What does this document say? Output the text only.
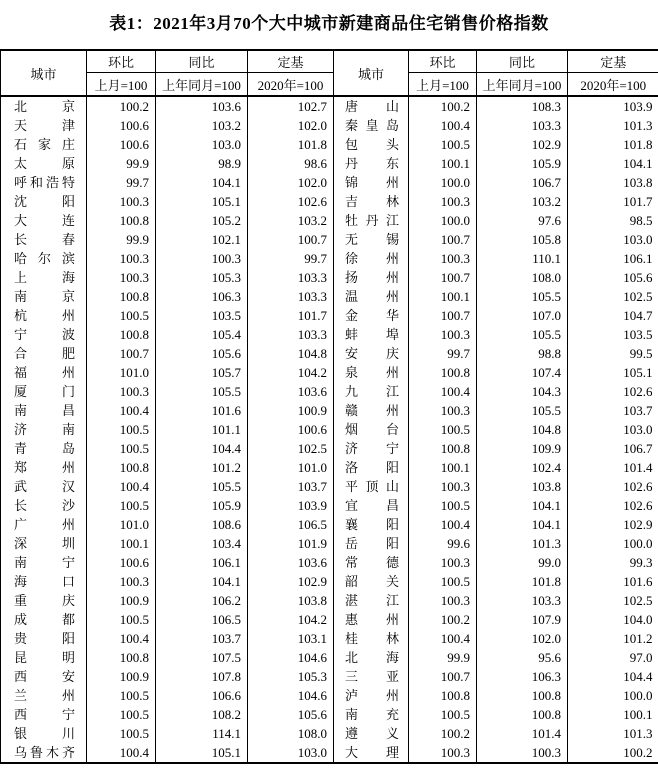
表1：2021年3月70个大中城市新建商品住宅销售价格指数
城市	环比	同比	定基	城市	环比	同比	定基
	上月=100	上年同月=100	2020年=100		上月=100	上年同月=100	2020年=100

北 京	100.2	103.6	102.7	唐 山	100.2	108.3	103.9

天 津	100.6	103.2	102.0	秦 皇 岛	100.4	103.3	101.3

石 家 庄	100.6	103.0	101.8	包 头	100.5	102.9	101.8

太 原	99.9	98.9	98.6	丹 东	100.1	105.9	104.1

呼 和 浩 特	99.7	104.1	102.0	锦 州	100.0	106.7	103.8

沈 阳	100.3	105.1	102.6	吉 林	100.3	103.2	101.7

大 连	100.8	105.2	103.2	牡 丹 江	100.0	97.6	98.5

长 春	99.9	102.1	100.7	无 锡	100.7	105.8	103.0

哈 尔 滨	100.3	100.3	99.7	徐 州	100.3	110.1	106.1

上 海	100.3	105.3	103.3	扬 州	100.7	108.0	105.6

南 京	100.8	106.3	103.3	温 州	100.1	105.5	102.5

杭 州	100.5	103.5	101.7	金 华	100.7	107.0	104.7

宁 波	100.8	105.4	103.3	蚌 埠	100.3	105.5	103.5

合 肥	100.7	105.6	104.8	安 庆	99.7	98.8	99.5

福 州	101.0	105.7	104.2	泉 州	100.8	107.4	105.1

厦 门	100.3	105.5	103.6	九 江	100.4	104.3	102.6

南 昌	100.4	101.6	100.9	赣 州	100.3	105.5	103.7

济 南	100.5	101.1	100.6	烟 台	100.5	104.8	103.0

青 岛	100.5	104.4	102.5	济 宁	100.8	109.9	106.7

郑 州	100.8	101.2	101.0	洛 阳	100.1	102.4	101.4

武 汉	100.4	105.5	103.7	平 顶 山	100.3	103.8	102.6

长 沙	100.5	105.9	103.9	宜 昌	100.5	104.1	102.6

广 州	101.0	108.6	106.5	襄 阳	100.4	104.1	102.9

深 圳	100.1	103.4	101.9	岳 阳	99.6	101.3	100.0

南 宁	100.6	106.1	103.6	常 德	100.3	99.0	99.3

海 口	100.3	104.1	102.9	韶 关	100.5	101.8	101.6

重 庆	100.9	106.2	103.8	湛 江	100.3	103.3	102.5

成 都	100.5	106.5	104.2	惠 州	100.2	107.9	104.0

贵 阳	100.4	103.7	103.1	桂 林	100.4	102.0	101.2

昆 明	100.8	107.5	104.6	北 海	99.9	95.6	97.0

西 安	100.9	107.8	105.3	三 亚	100.7	106.3	104.4

兰 州	100.5	106.6	104.6	泸 州	100.8	100.8	100.0

西 宁	100.5	108.2	105.6	南 充	100.5	100.8	100.1

银 川	100.5	114.1	108.0	遵 义	100.2	101.4	101.3

乌 鲁 木 齐	100.4	105.1	103.0	大 理	100.3	100.3	100.2
